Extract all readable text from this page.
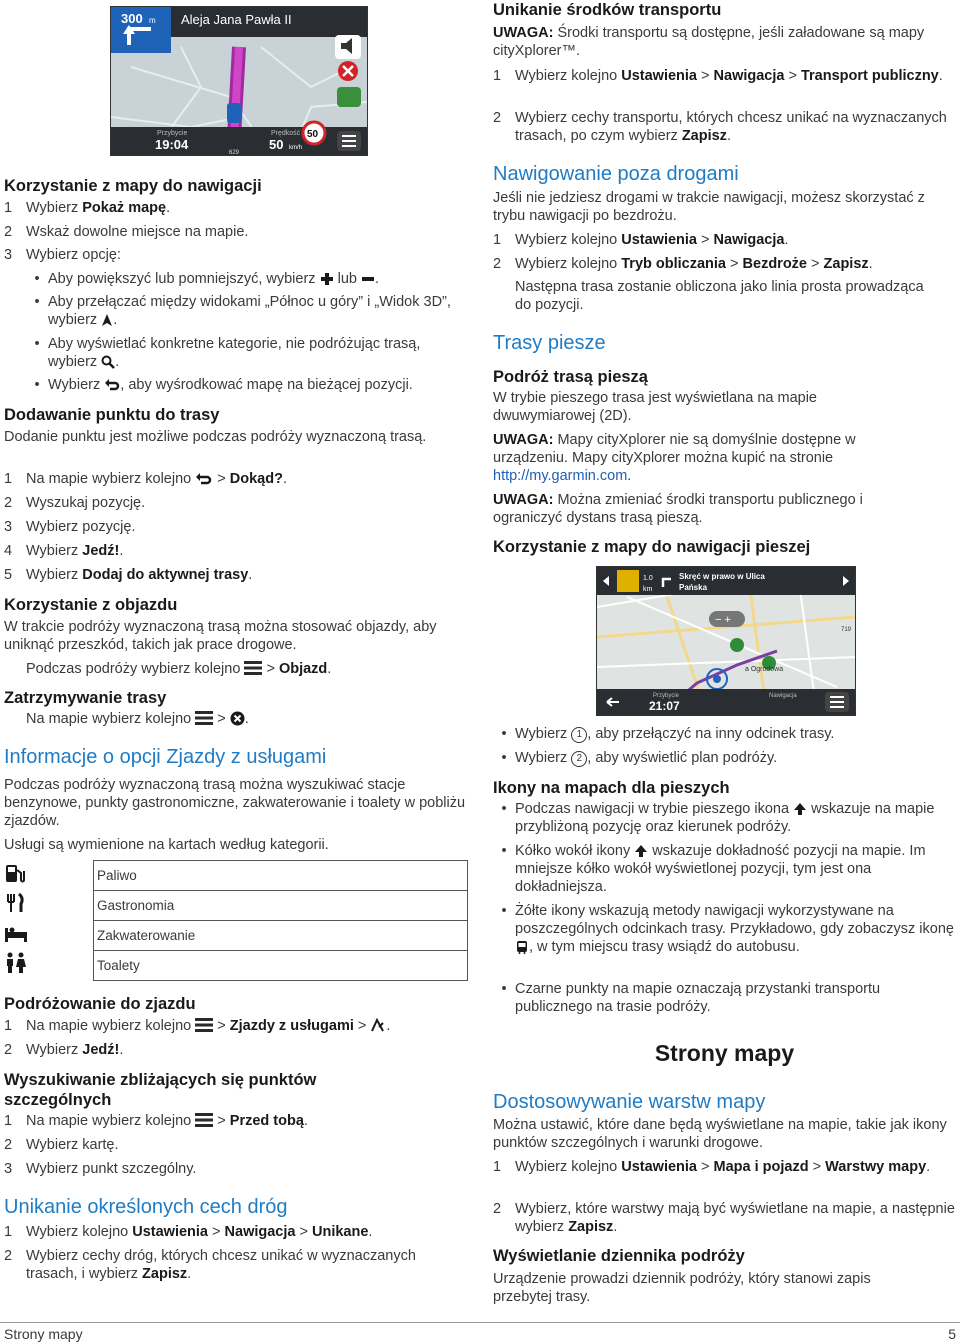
300 m Aleja Jana Pawła II
Przybycie
19:04
Prędkość
50 km/h
50
629
Korzystanie z mapy do nawigacji
1 Wybierz Pokaż mapę.
2 Wskaż dowolne miejsce na mapie.
3 Wybierz opcję:
• Aby powiększyć lub pomniejszyć, wybierz  lub .
• Aby przełączać między widokami „Północ u góry” i „Widok 3D”, wybierz .
• Aby wyświetlać konkretne kategorie, nie podróżując trasą, wybierz .
• Wybierz , aby wyśrodkować mapę na bieżącej pozycji.
Dodawanie punktu do trasy

Dodanie punktu jest możliwe podczas podróży wyznaczoną trasą.

1 Na mapie wybierz kolejno  > Dokąd?.
2 Wyszukaj pozycję.
3 Wybierz pozycję.
4 Wybierz Jedź!.
5 Wybierz Dodaj do aktywnej trasy.
Korzystanie z objazdu

W trakcie podróży wyznaczoną trasą można stosować objazdy, aby uniknąć przeszkód, takich jak prace drogowe.

Podczas podróży wybierz kolejno  > Objazd.

Zatrzymywanie trasy

Na mapie wybierz kolejno  > .

Informacje o opcji Zjazdy z usługami

Podczas podróży wyznaczoną trasą można wyszukiwać stacje benzynowe, punkty gastronomiczne, zakwaterowanie i toalety w pobliżu zjazdów.

Usługi są wymienione na kartach według kategorii.

	Paliwo
	Gastronomia
	Zakwaterowanie
	Toalety
Podróżowanie do zjazdu
1 Na mapie wybierz kolejno  > Zjazdy z usługami > .
2 Wybierz Jedź!.
Wyszukiwanie zbliżających się punktów szczególnych
1 Na mapie wybierz kolejno  > Przed tobą.
2 Wybierz kartę.
3 Wybierz punkt szczególny.
Unikanie określonych cech dróg
1 Wybierz kolejno Ustawienia > Nawigacja > Unikane.
2 Wybierz cechy dróg, których chcesz unikać w wyznaczanych trasach, i wybierz Zapisz.
Unikanie środków transportu

UWAGA: Środki transportu są dostępne, jeśli załadowane są mapy cityXplorer™.

1 Wybierz kolejno Ustawienia > Nawigacja > Transport publiczny.
2 Wybierz cechy transportu, których chcesz unikać na wyznaczanych trasach, po czym wybierz Zapisz.
Nawigowanie poza drogami

Jeśli nie jedziesz drogami w trakcie nawigacji, możesz skorzystać z trybu nawigacji po bezdrożu.

1 Wybierz kolejno Ustawienia > Nawigacja.
2 Wybierz kolejno Tryb obliczania > Bezdroże > Zapisz.

Następna trasa zostanie obliczona jako linia prosta prowadząca do pozycji.

Trasy piesze
Podróż trasą pieszą

W trybie pieszego trasa jest wyświetlana na mapie dwuwymiarowej (2D).

UWAGA: Mapy cityXplorer nie są domyślnie dostępne w urządzeniu. Mapy cityXplorer można kupić na stronie http://my.garmin.com.

UWAGA: Można zmieniać środki transportu publicznego i ograniczyć dystans trasą pieszą.

Korzystanie z mapy do nawigacji pieszej
a Ogrodowa
719
1.0
km
Skręć w prawo w Ulica Pańska
− +
Przybycie
21:07
Nawigacja
• Wybierz 1 , aby przełączyć na inny odcinek trasy.
• Wybierz 2 , aby wyświetlić plan podróży.
Ikony na mapach dla pieszych
• Podczas nawigacji w trybie pieszego ikona  wskazuje na mapie przybliżoną pozycję oraz kierunek podróży.
• Kółko wokół ikony  wskazuje dokładność pozycji na mapie. Im mniejsze kółko wokół wyświetlonej pozycji, tym jest ona dokładniejsza.
• Żółte ikony wskazują metody nawigacji wykorzystywane na poszczególnych odcinkach trasy. Przykładowo, gdy zobaczysz ikonę , w tym miejscu trasy wsiądź do autobusu.
• Czarne punkty na mapie oznaczają przystanki transportu publicznego na trasie podróży.
Strony mapy
Dostosowywanie warstw mapy

Można ustawić, które dane będą wyświetlane na mapie, takie jak ikony punktów szczególnych i warunki drogowe.

1 Wybierz kolejno Ustawienia > Mapa i pojazd > Warstwy mapy.
2 Wybierz, które warstwy mają być wyświetlane na mapie, a następnie wybierz Zapisz.
Wyświetlanie dziennika podróży

Urządzenie prowadzi dziennik podróży, który stanowi zapis przebytej trasy.

Strony mapy	5
